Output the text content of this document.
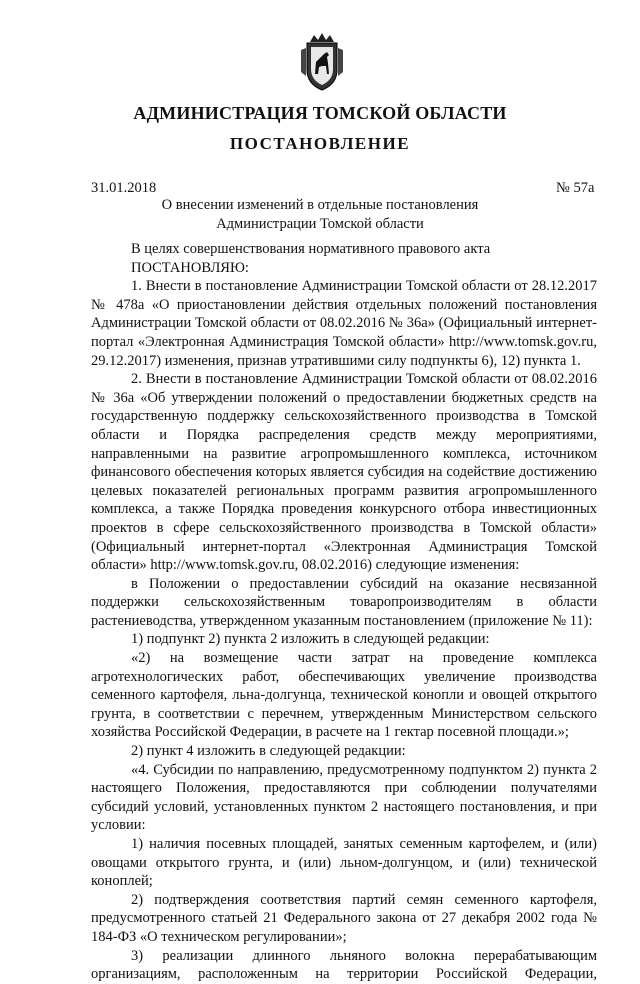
АДМИНИСТРАЦИЯ ТОМСКОЙ ОБЛАСТИ
ПОСТАНОВЛЕНИЕ
31.01.2018	№ 57а
О внесении изменений в отдельные постановления
Администрации Томской области

В целях совершенствования нормативного правового акта

ПОСТАНОВЛЯЮ:

1. Внести в постановление Администрации Томской области от 28.12.2017 № 478а «О приостановлении действия отдельных положений постановления Администрации Томской области от 08.02.2016 № 36а» (Официальный интернет-портал «Электронная Администрация Томской области» http://www.tomsk.gov.ru, 29.12.2017) изменения, признав утратившими силу подпункты 6), 12) пункта 1.

2. Внести в постановление Администрации Томской области от 08.02.2016 № 36а «Об утверждении положений о предоставлении бюджетных средств на государственную поддержку сельскохозяйственного производства в Томской области и Порядка распределения средств между мероприятиями, направленными на развитие агропромышленного комплекса, источником финансового обеспечения которых является субсидия на содействие достижению целевых показателей региональных программ развития агропромышленного комплекса, а также Порядка проведения конкурсного отбора инвестиционных проектов в сфере сельскохозяйственного производства в Томской области» (Официальный интернет-портал «Электронная Администрация Томской области» http://www.tomsk.gov.ru, 08.02.2016) следующие изменения:

в Положении о предоставлении субсидий на оказание несвязанной поддержки сельскохозяйственным товаропроизводителям в области растениеводства, утвержденном указанным постановлением (приложение № 11):

1) подпункт 2) пункта 2 изложить в следующей редакции:

«2) на возмещение части затрат на проведение комплекса агротехнологических работ, обеспечивающих увеличение производства семенного картофеля, льна-долгунца, технической конопли и овощей открытого грунта, в соответствии с перечнем, утвержденным Министерством сельского хозяйства Российской Федерации, в расчете на 1 гектар посевной площади.»;

2) пункт 4 изложить в следующей редакции:

«4. Субсидии по направлению, предусмотренному подпунктом 2) пункта 2 настоящего Положения, предоставляются при соблюдении получателями субсидий условий, установленных пунктом 2 настоящего постановления, и при условии:

1) наличия посевных площадей, занятых семенным картофелем, и (или) овощами открытого грунта, и (или) льном-долгунцом, и (или) технической коноплей;

2) подтверждения соответствия партий семян семенного картофеля, предусмотренного статьей 21 Федерального закона от 27 декабря 2002 года № 184-ФЗ «О техническом регулировании»;

3) реализации длинного льняного волокна перерабатывающим организациям, расположенным на территории Российской Федерации,
